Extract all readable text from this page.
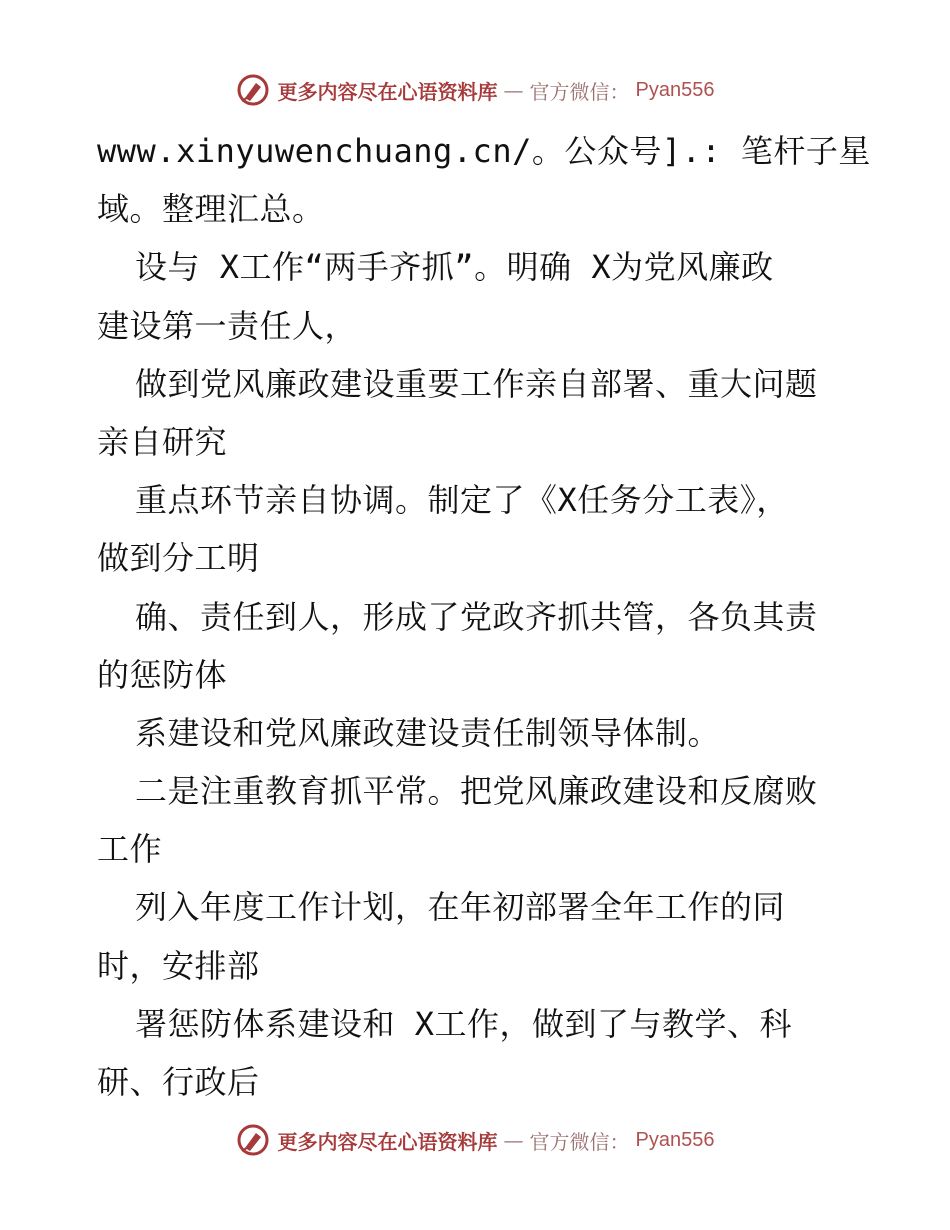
更多内容尽在心语资料库 — 官方微信： Pyan556
www.xinyuwenchuang.cn/。公众号].: 笔杆子星
域。整理汇总。
设与 X工作“两手齐抓”。明确 X为党风廉政
建设第一责任人，
做到党风廉政建设重要工作亲自部署、重大问题
亲自研究
重点环节亲自协调。制定了《X任务分工表》，
做到分工明
确、责任到人，形成了党政齐抓共管，各负其责
的惩防体
系建设和党风廉政建设责任制领导体制。
二是注重教育抓平常。把党风廉政建设和反腐败
工作
列入年度工作计划，在年初部署全年工作的同
时，安排部
署惩防体系建设和 X工作，做到了与教学、科
研、行政后
更多内容尽在心语资料库 — 官方微信： Pyan556
